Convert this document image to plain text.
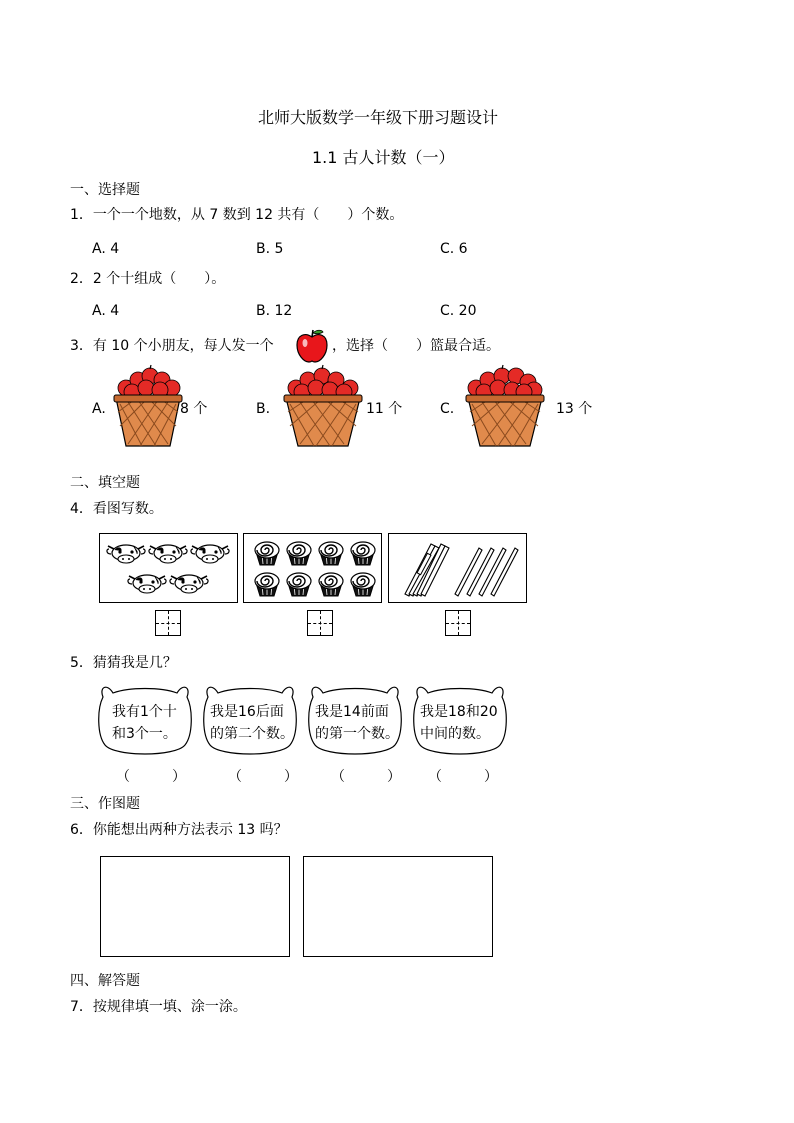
北师大版数学一年级下册习题设计
1.1 古人计数（一）
一、选择题
1．一个一个地数，从 7 数到 12 共有（　　）个数。
A. 4	B. 5	C. 6
2．2 个十组成（　　）。
A. 4	B. 12	C. 20
3．有 10 个小朋友，每人发一个	，选择（　　）篮最合适。
A.	8 个	B.	11 个	C.	13 个
二、填空题
4．看图写数。
5．猜猜我是几？
我有1个十
和3个一。
我是16后面
的第二个数。
我是14前面
的第一个数。
我是18和20
中间的数。
（　　　）	（　　　） （　　　） （　　　）
三、作图题
6．你能想出两种方法表示 13 吗？
四、解答题
7．按规律填一填、涂一涂。
